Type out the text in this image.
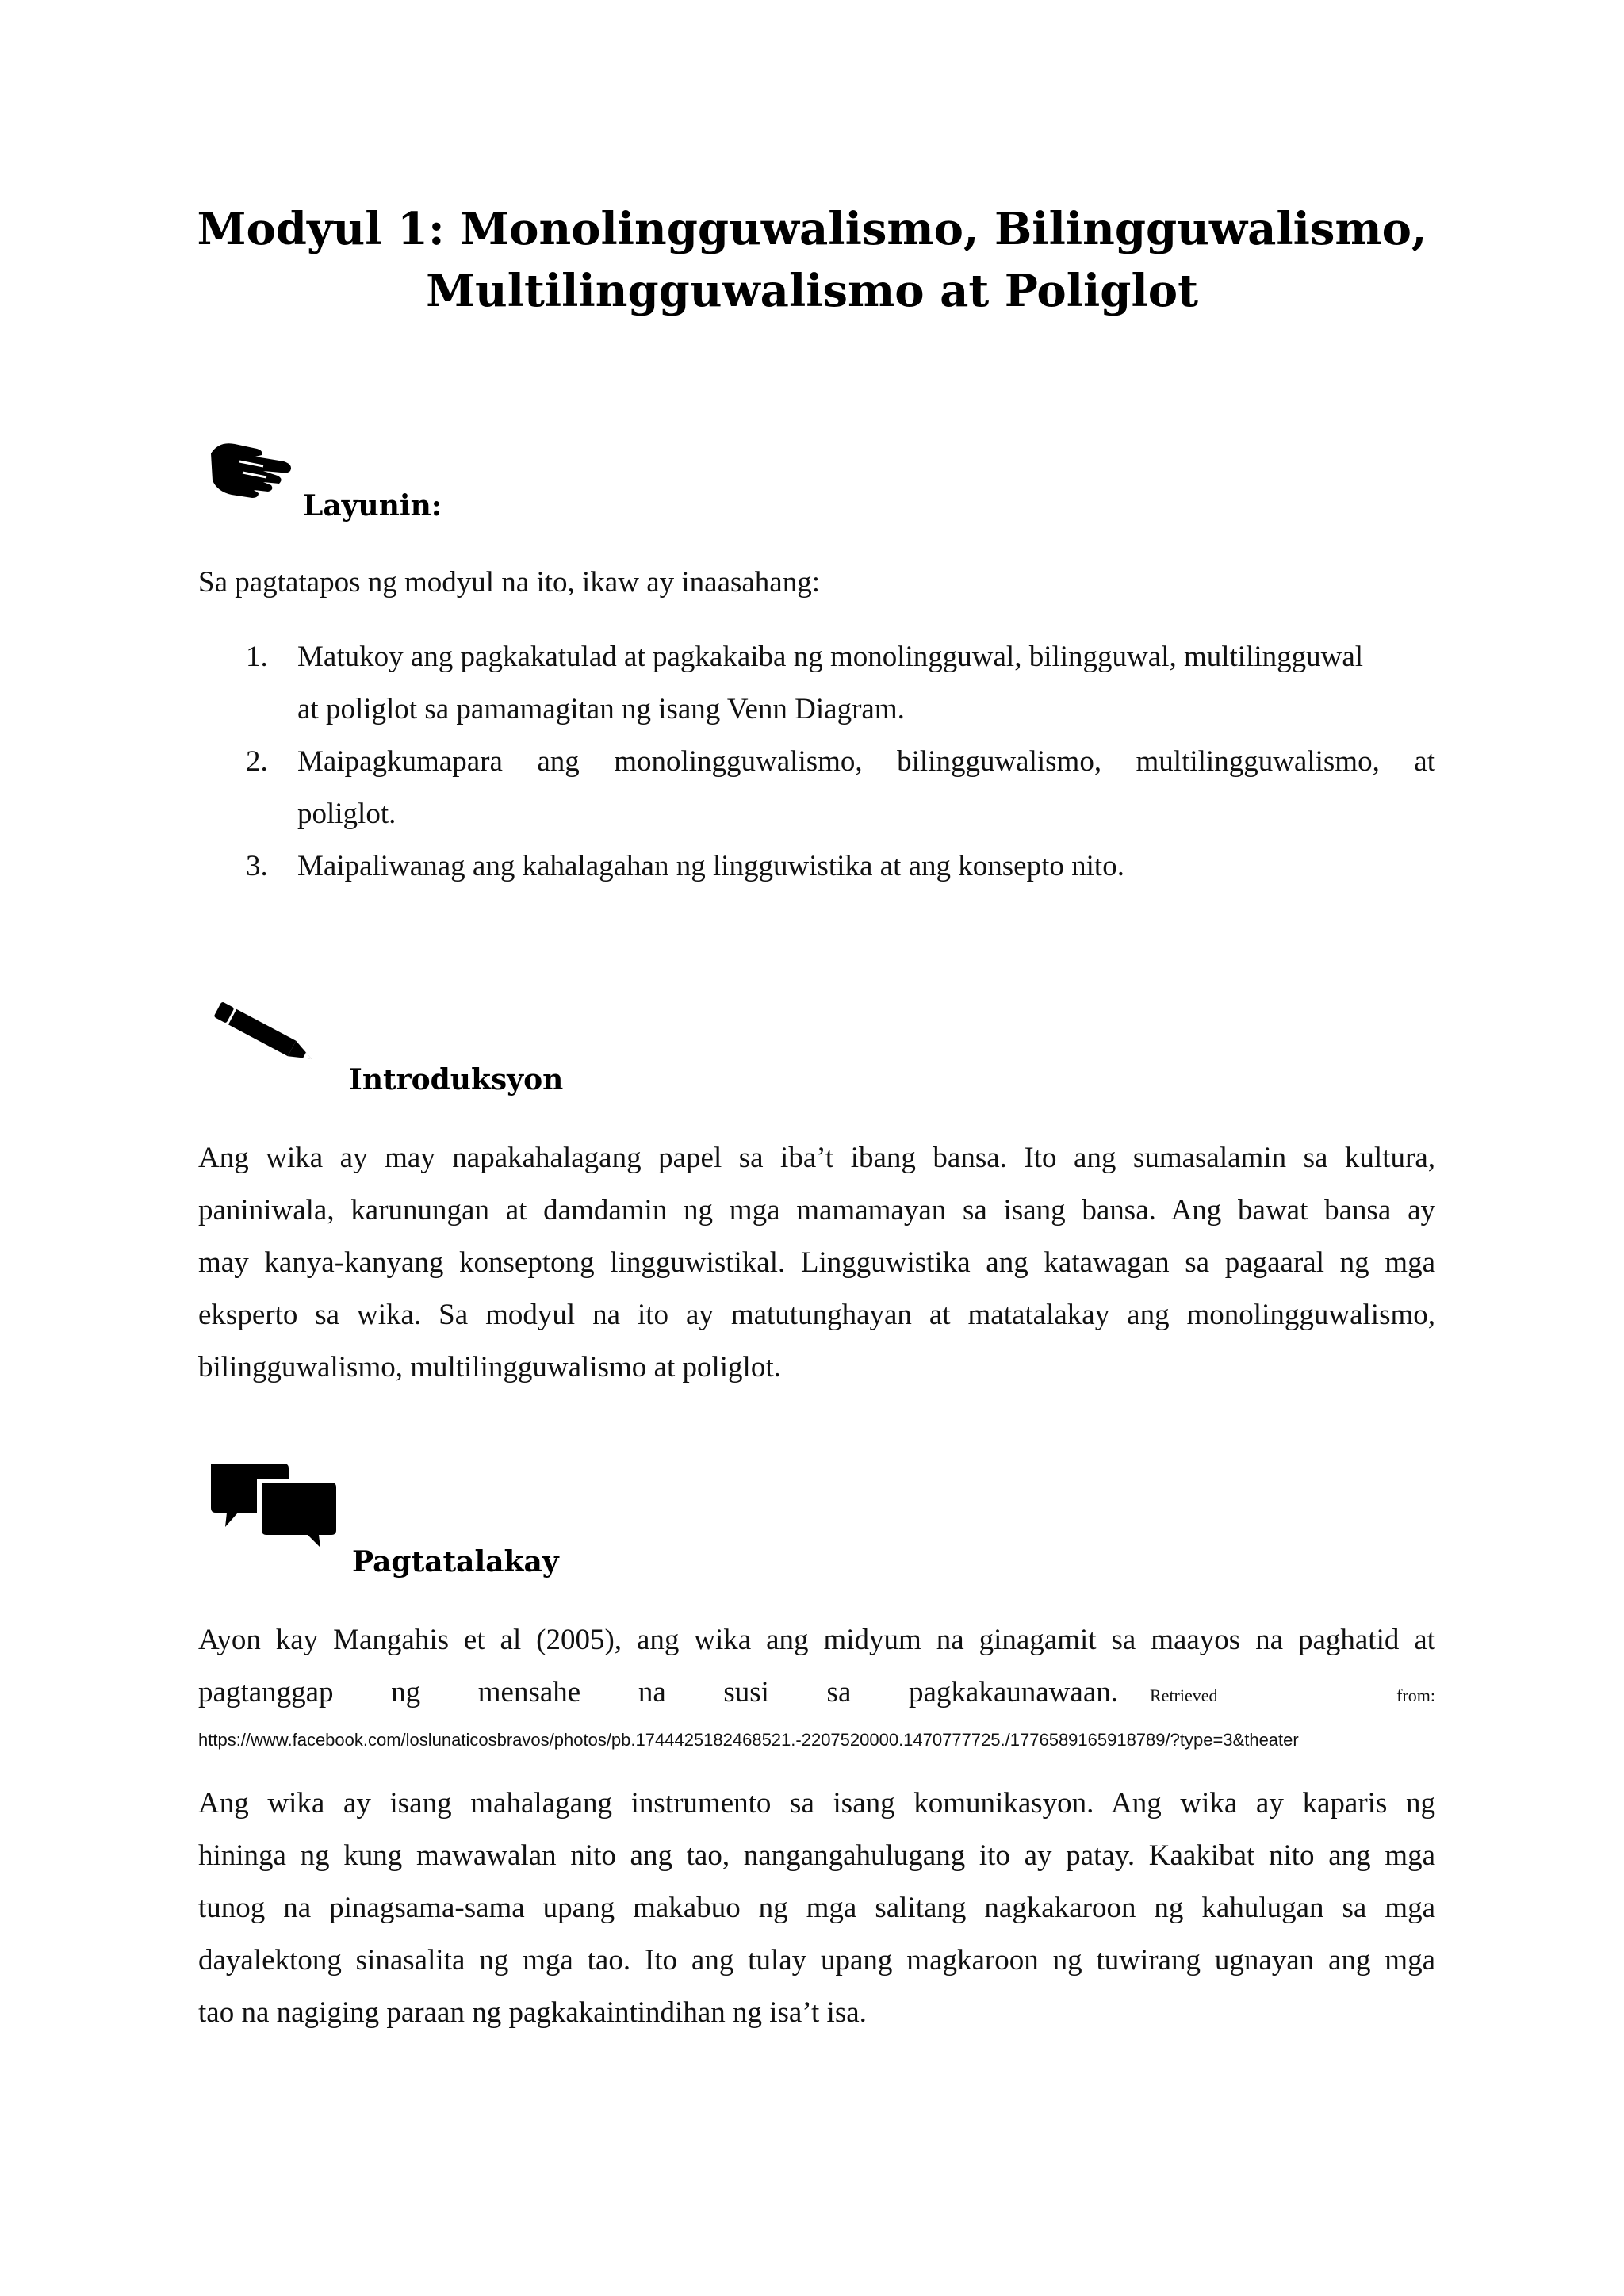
Modyul 1: Monolingguwalismo, Bilingguwalismo,
Multilingguwalismo at Poliglot
Layunin:

Sa pagtatapos ng modyul na ito, ikaw ay inaasahang:

1. Matukoy ang pagkakatulad at pagkakaiba ng monolingguwal, bilingguwal, multilingguwal
at poliglot sa pamamagitan ng isang Venn Diagram.
2. Maipagkumapara ang monolingguwalismo, bilingguwalismo, multilingguwalismo, at
poliglot.
3. Maipaliwanag ang kahalagahan ng lingguwistika at ang konsepto nito.
Introduksyon

Ang wika ay may napakahalagang papel sa iba’t ibang bansa. Ito ang sumasalamin sa kultura,
paniniwala, karunungan at damdamin ng mga mamamayan sa isang bansa. Ang bawat bansa ay
may kanya-kanyang konseptong lingguwistikal. Lingguwistika ang katawagan sa pagaaral ng mga
eksperto sa wika. Sa modyul na ito ay matutunghayan at matatalakay ang monolingguwalismo,
bilingguwalismo, multilingguwalismo at poliglot.

Pagtatalakay

Ayon kay Mangahis et al (2005), ang wika ang midyum na ginagamit sa maayos na paghatid at
pagtanggap ng mensahe na susi sa pagkakaunawaan. Retrieved from:

https://www.facebook.com/loslunaticosbravos/photos/pb.1744425182468521.-2207520000.1470777725./1776589165918789/?type=3&theater

Ang wika ay isang mahalagang instrumento sa isang komunikasyon. Ang wika ay kaparis ng
hininga ng kung mawawalan nito ang tao, nangangahulugang ito ay patay. Kaakibat nito ang mga
tunog na pinagsama-sama upang makabuo ng mga salitang nagkakaroon ng kahulugan sa mga
dayalektong sinasalita ng mga tao. Ito ang tulay upang magkaroon ng tuwirang ugnayan ang mga
tao na nagiging paraan ng pagkakaintindihan ng isa’t isa.
